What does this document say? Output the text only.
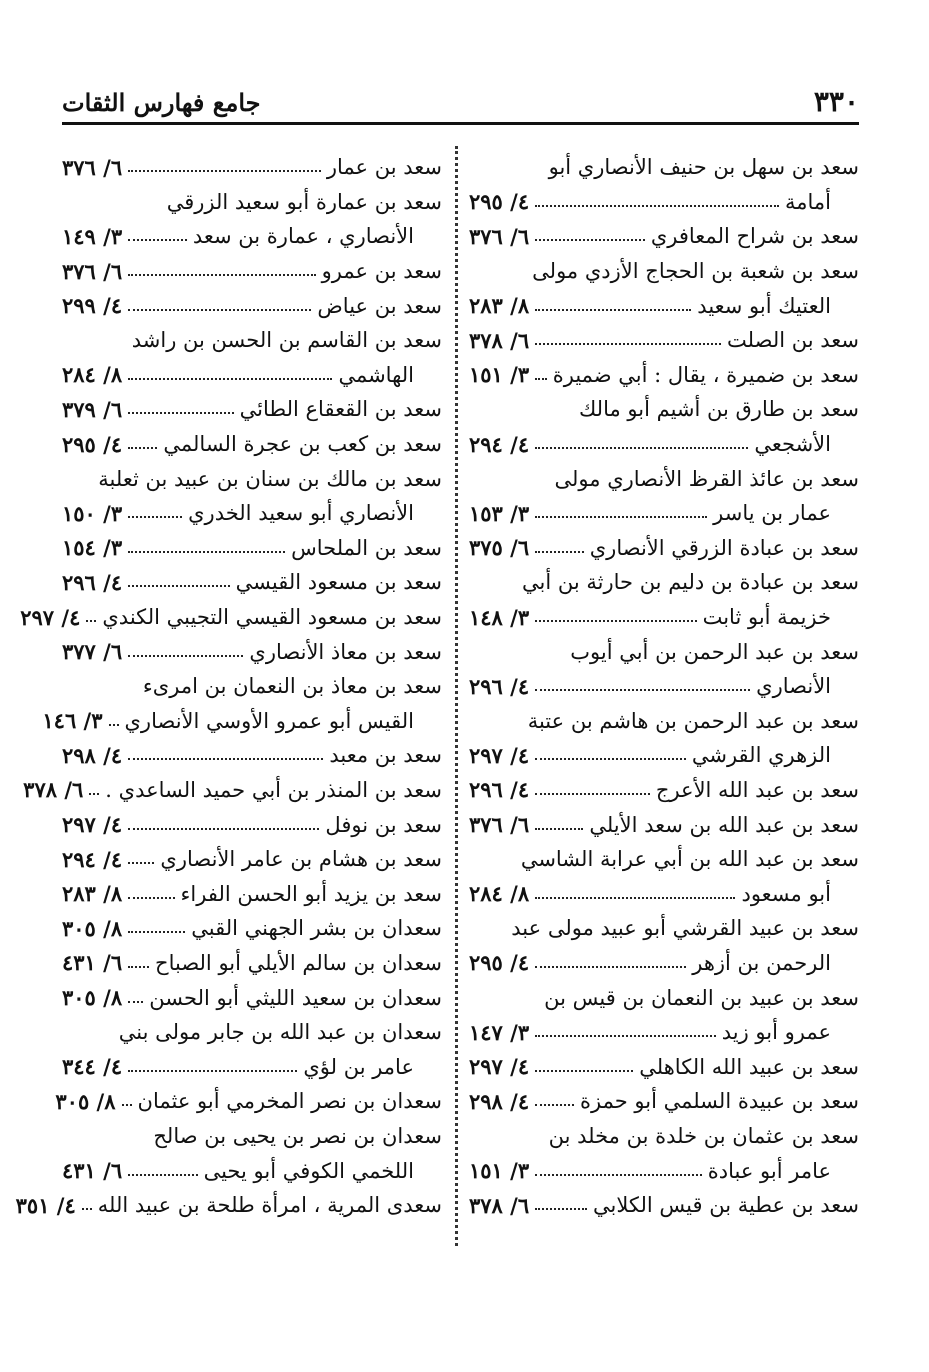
٣٣٠
جامع فهارس الثقات
سعد بن سهل بن حنيف الأنصاري أبو
أمامة
٤/ ٢٩٥
سعد بن شراح المعافري
٦/ ٣٧٦
سعد بن شعبة بن الحجاج الأزدي مولى
العتيك أبو سعيد
٨/ ٢٨٣
سعد بن الصلت
٦/ ٣٧٨
سعد بن ضميرة ، يقال : أبي ضميرة
٣/ ١٥١
سعد بن طارق بن أشيم أبو مالك
الأشجعي
٤/ ٢٩٤
سعد بن عائذ القرظ الأنصاري مولى
عمار بن ياسر
٣/ ١٥٣
سعد بن عبادة الزرقي الأنصاري
٦/ ٣٧٥
سعد بن عبادة بن دليم بن حارثة بن أبي
خزيمة أبو ثابت
٣/ ١٤٨
سعد بن عبد الرحمن بن أبي أيوب
الأنصاري
٤/ ٢٩٦
سعد بن عبد الرحمن بن هاشم بن عتبة
الزهري القرشي
٤/ ٢٩٧
سعد بن عبد الله الأعرج
٤/ ٢٩٦
سعد بن عبد الله بن سعد الأيلي
٦/ ٣٧٦
سعد بن عبد الله بن أبي عرابة الشاسي
أبو مسعود
٨/ ٢٨٤
سعد بن عبيد القرشي أبو عبيد مولى عبد
الرحمن بن أزهر
٤/ ٢٩٥
سعد بن عبيد بن النعمان بن قيس بن
عمرو أبو زيد
٣/ ١٤٧
سعد بن عبيد الله الكاهلي
٤/ ٢٩٧
سعد بن عبيدة السلمي أبو حمزة
٤/ ٢٩٨
سعد بن عثمان بن خلدة بن مخلد بن
عامر أبو عبادة
٣/ ١٥١
سعد بن عطية بن قيس الكلابي
٦/ ٣٧٨
سعد بن عمار
٦/ ٣٧٦
سعد بن عمارة أبو سعيد الزرقي
الأنصاري ، عمارة بن سعد
٣/ ١٤٩
سعد بن عمرو
٦/ ٣٧٦
سعد بن عياض
٤/ ٢٩٩
سعد بن القاسم بن الحسن بن راشد
الهاشمي
٨/ ٢٨٤
سعد بن القعقاع الطائي
٦/ ٣٧٩
سعد بن كعب بن عجرة السالمي
٤/ ٢٩٥
سعد بن مالك بن سنان بن عبيد بن ثعلبة
الأنصاري أبو سعيد الخدري
٣/ ١٥٠
سعد بن الملحاس
٣/ ١٥٤
سعد بن مسعود القيسي
٤/ ٢٩٦
سعد بن مسعود القيسي التجيبي الكندي
٤/ ٢٩٧
سعد بن معاذ الأنصاري
٦/ ٣٧٧
سعد بن معاذ بن النعمان بن امرىء
القيس أبو عمرو الأوسي الأنصاري
٣/ ١٤٦
سعد بن معبد
٤/ ٢٩٨
سعد بن المنذر بن أبي حميد الساعدي .
٦/ ٣٧٨
سعد بن نوفل
٤/ ٢٩٧
سعد بن هشام بن عامر الأنصاري
٤/ ٢٩٤
سعد بن يزيد أبو الحسن الفراء
٨/ ٢٨٣
سعدان بن بشر الجهني القبي
٨/ ٣٠٥
سعدان بن سالم الأيلي أبو الصباح
٦/ ٤٣١
سعدان بن سعيد الليثي أبو الحسن
٨/ ٣٠٥
سعدان بن عبد الله بن جابر مولى بني
عامر بن لؤي
٤/ ٣٤٤
سعدان بن نصر المخرمي أبو عثمان
٨/ ٣٠٥
سعدان بن نصر بن يحيى بن صالح
اللخمي الكوفي أبو يحيى
٦/ ٤٣١
سعدى المرية ، امرأة طلحة بن عبيد الله
٤/ ٣٥١
